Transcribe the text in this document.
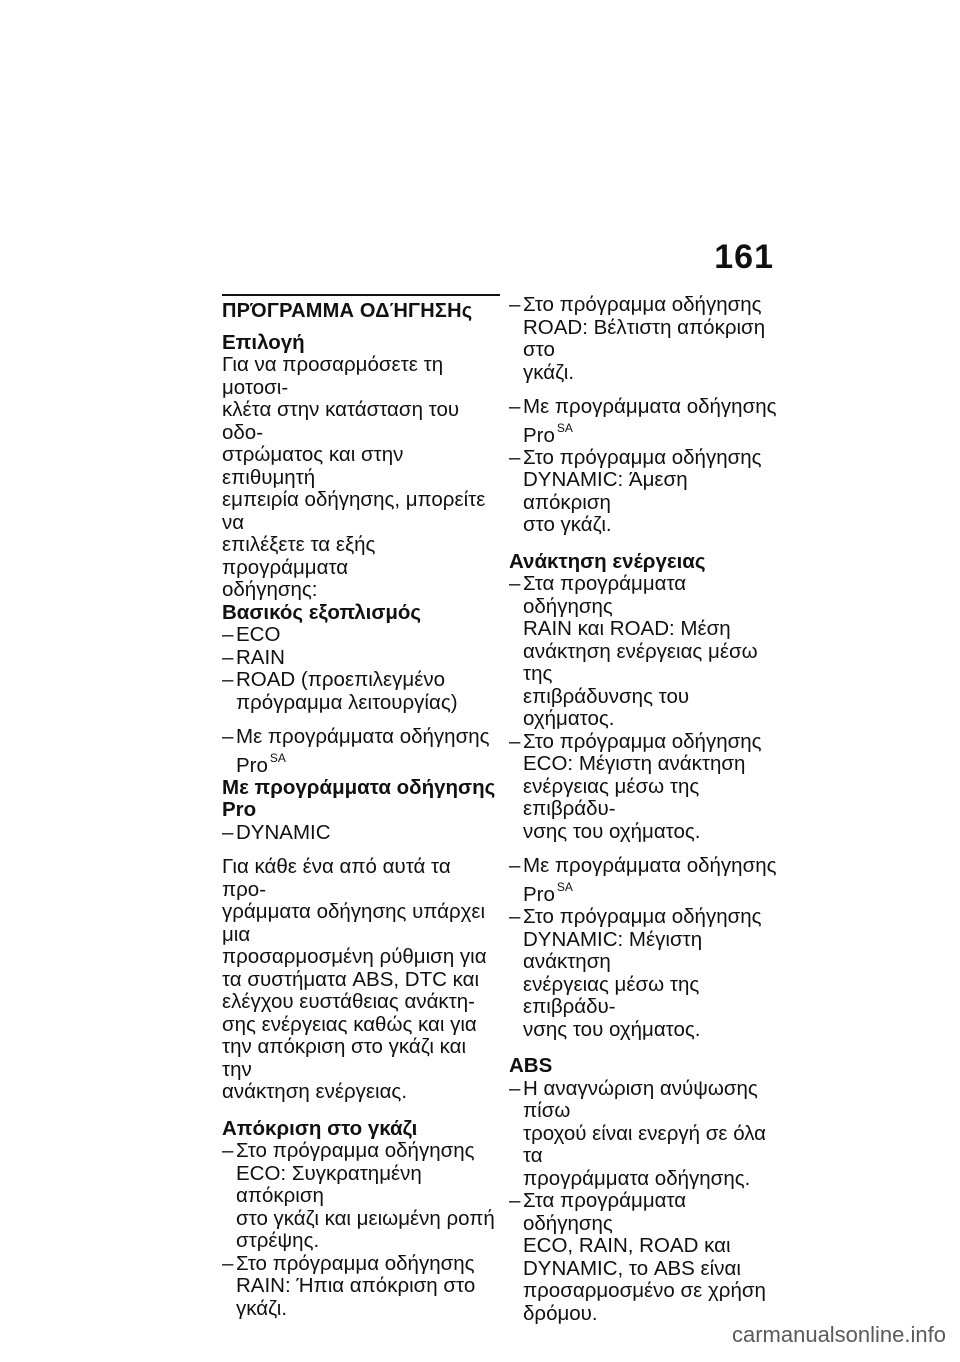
161
ΠΡΌΓΡΑΜΜΑ ΟΔΉΓΗΣΗς
Επιλογή

Για να προσαρμόσετε τη μοτοσι-
κλέτα στην κατάσταση του οδο-
στρώματος και στην επιθυμητή
εμπειρία οδήγησης, μπορείτε να
επιλέξετε τα εξής προγράμματα
οδήγησης:

Βασικός εξοπλισμός
– ECO
– RAIN
– ROAD (προεπιλεγμένο
πρόγραμμα λειτουργίας)
– Με προγράμματα οδήγησης
Pro $^{SA}$
Με προγράμματα οδήγησης
Pro
– DYNAMIC

Για κάθε ένα από αυτά τα προ-
γράμματα οδήγησης υπάρχει μια
προσαρμοσμένη ρύθμιση για
τα συστήματα ABS, DTC και
ελέγχου ευστάθειας ανάκτη-
σης ενέργειας καθώς και για
την απόκριση στο γκάζι και την
ανάκτηση ενέργειας.

Απόκριση στο γκάζι
– Στο πρόγραμμα οδήγησης
ECO: Συγκρατημένη απόκριση
στο γκάζι και μειωμένη ροπή
στρέψης.
– Στο πρόγραμμα οδήγησης
RAIN: Ήπια απόκριση στο γκάζι.
– Στο πρόγραμμα οδήγησης
ROAD: Βέλτιστη απόκριση στο
γκάζι.
– Με προγράμματα οδήγησης
Pro $^{SA}$
– Στο πρόγραμμα οδήγησης
DYNAMIC: Άμεση απόκριση
στο γκάζι.
Ανάκτηση ενέργειας
– Στα προγράμματα οδήγησης
RAIN και ROAD: Μέση
ανάκτηση ενέργειας μέσω της
επιβράδυνσης του οχήματος.
– Στο πρόγραμμα οδήγησης
ECO: Μέγιστη ανάκτηση
ενέργειας μέσω της επιβράδυ-
νσης του οχήματος.
– Με προγράμματα οδήγησης
Pro $^{SA}$
– Στο πρόγραμμα οδήγησης
DYNAMIC: Μέγιστη ανάκτηση
ενέργειας μέσω της επιβράδυ-
νσης του οχήματος.
ABS
– Η αναγνώριση ανύψωσης πίσω
τροχού είναι ενεργή σε όλα τα
προγράμματα οδήγησης.
– Στα προγράμματα οδήγησης
ECO, RAIN, ROAD και
DYNAMIC, το ABS είναι
προσαρμοσμένο σε χρήση
δρόμου.
carmanualsonline.info
